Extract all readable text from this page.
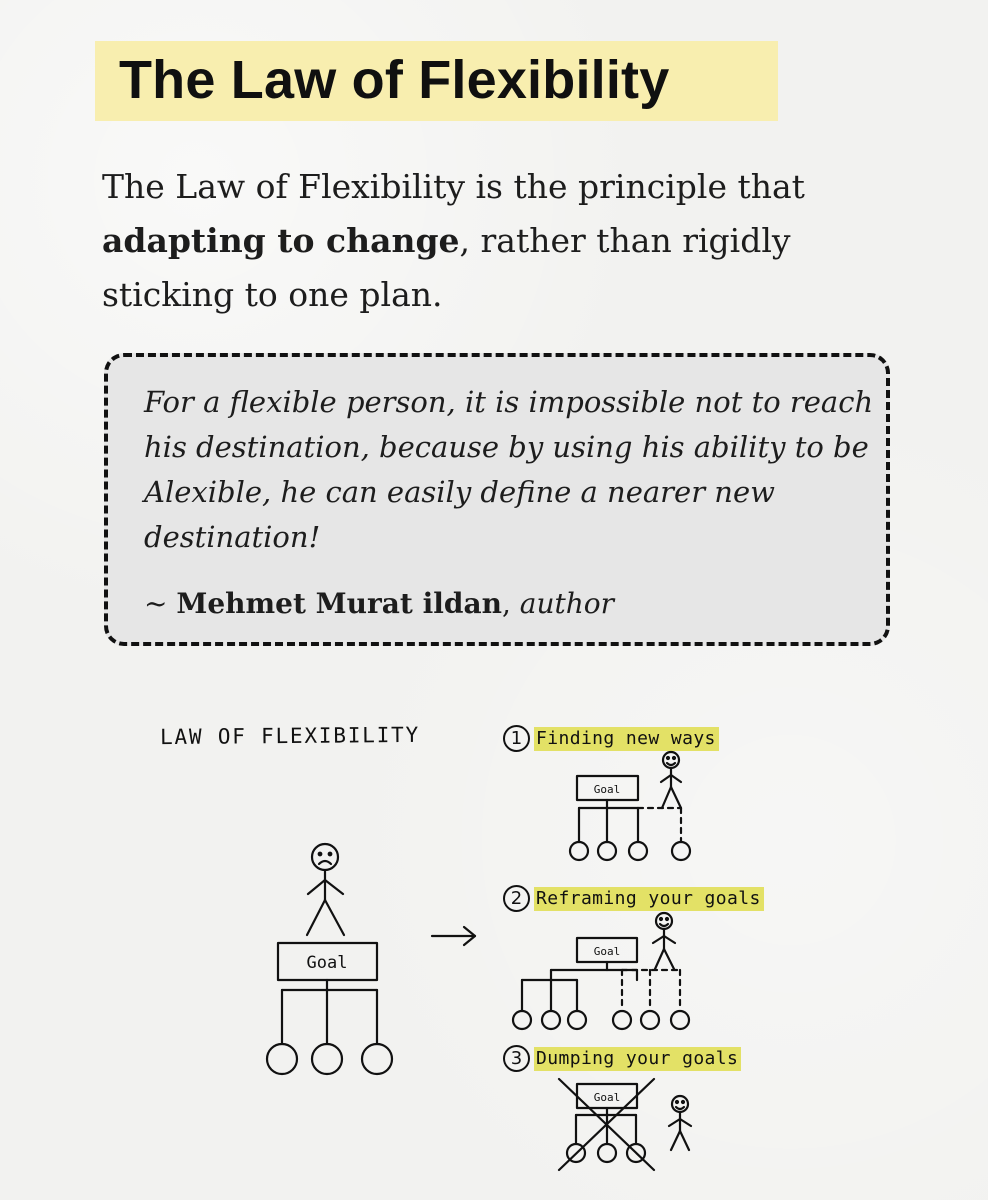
The Law of Flexibility

The Law of Flexibility is the principle that adapting to change, rather than rigidly sticking to one plan.

For a flexible person, it is impossible not to reach his destination, because by using his ability to be Alexible, he can easily define a nearer new destination!

~ Mehmet Murat ildan, author

LAW OF FLEXIBILITY	1 Finding new ways
2 Reframing your goals
3 Dumping your goals
Goal
Goal
Goal
Goal
